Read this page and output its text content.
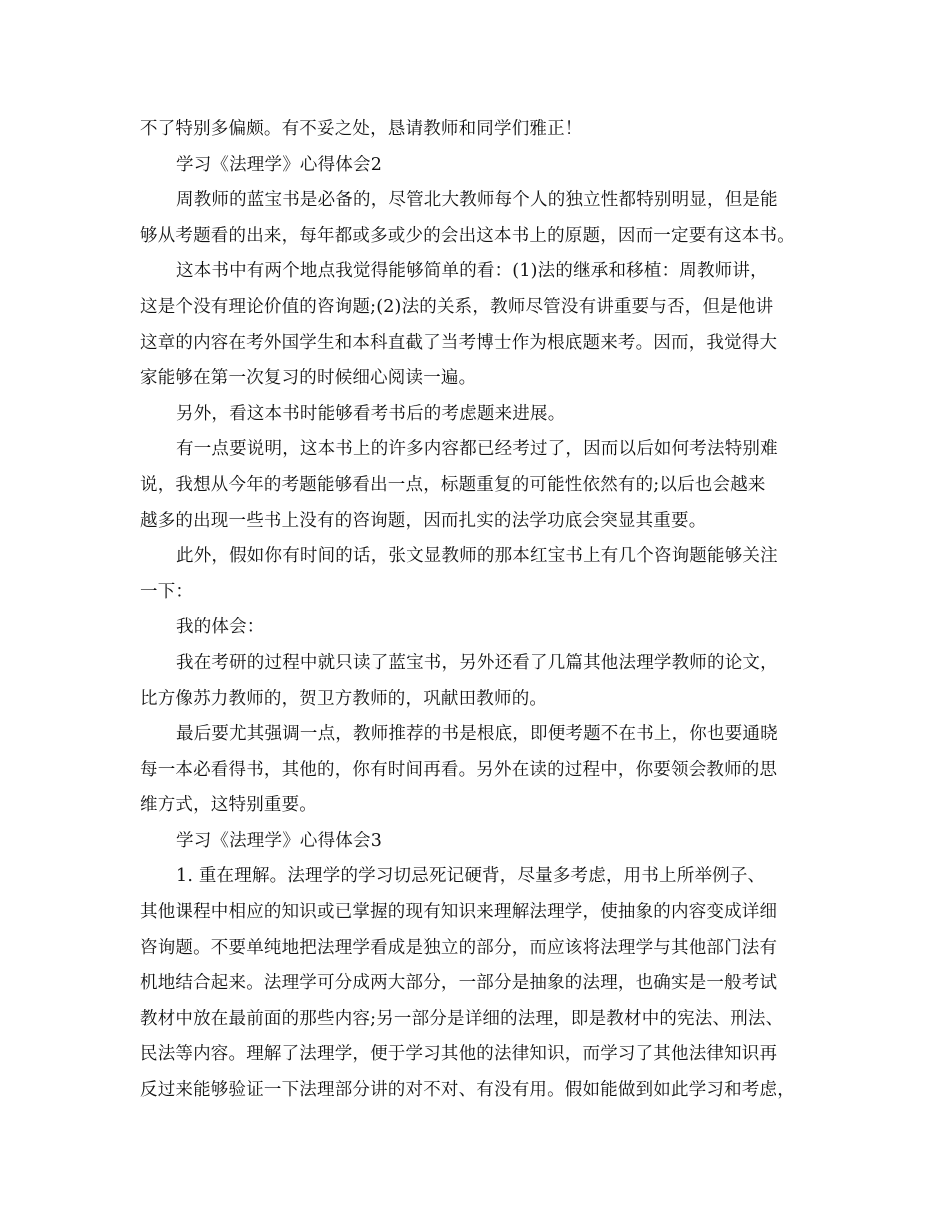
不了特别多偏颇。有不妥之处，恳请教师和同学们雅正！
学习《法理学》心得体会2
周教师的蓝宝书是必备的，尽管北大教师每个人的独立性都特别明显，但是能
够从考题看的出来，每年都或多或少的会出这本书上的原题，因而一定要有这本书。
这本书中有两个地点我觉得能够简单的看：(1)法的继承和移植：周教师讲，
这是个没有理论价值的咨询题;(2)法的关系，教师尽管没有讲重要与否，但是他讲
这章的内容在考外国学生和本科直截了当考博士作为根底题来考。因而，我觉得大
家能够在第一次复习的时候细心阅读一遍。
另外，看这本书时能够看考书后的考虑题来进展。
有一点要说明，这本书上的许多内容都已经考过了，因而以后如何考法特别难
说，我想从今年的考题能够看出一点，标题重复的可能性依然有的;以后也会越来
越多的出现一些书上没有的咨询题，因而扎实的法学功底会突显其重要。
此外，假如你有时间的话，张文显教师的那本红宝书上有几个咨询题能够关注
一下：
我的体会：
我在考研的过程中就只读了蓝宝书，另外还看了几篇其他法理学教师的论文，
比方像苏力教师的，贺卫方教师的，巩献田教师的。
最后要尤其强调一点，教师推荐的书是根底，即便考题不在书上，你也要通晓
每一本必看得书，其他的，你有时间再看。另外在读的过程中，你要领会教师的思
维方式，这特别重要。
学习《法理学》心得体会3
1. 重在理解。法理学的学习切忌死记硬背，尽量多考虑，用书上所举例子、
其他课程中相应的知识或已掌握的现有知识来理解法理学，使抽象的内容变成详细
咨询题。不要单纯地把法理学看成是独立的部分，而应该将法理学与其他部门法有
机地结合起来。法理学可分成两大部分，一部分是抽象的法理，也确实是一般考试
教材中放在最前面的那些内容;另一部分是详细的法理，即是教材中的宪法、刑法、
民法等内容。理解了法理学，便于学习其他的法律知识，而学习了其他法律知识再
反过来能够验证一下法理部分讲的对不对、有没有用。假如能做到如此学习和考虑，
